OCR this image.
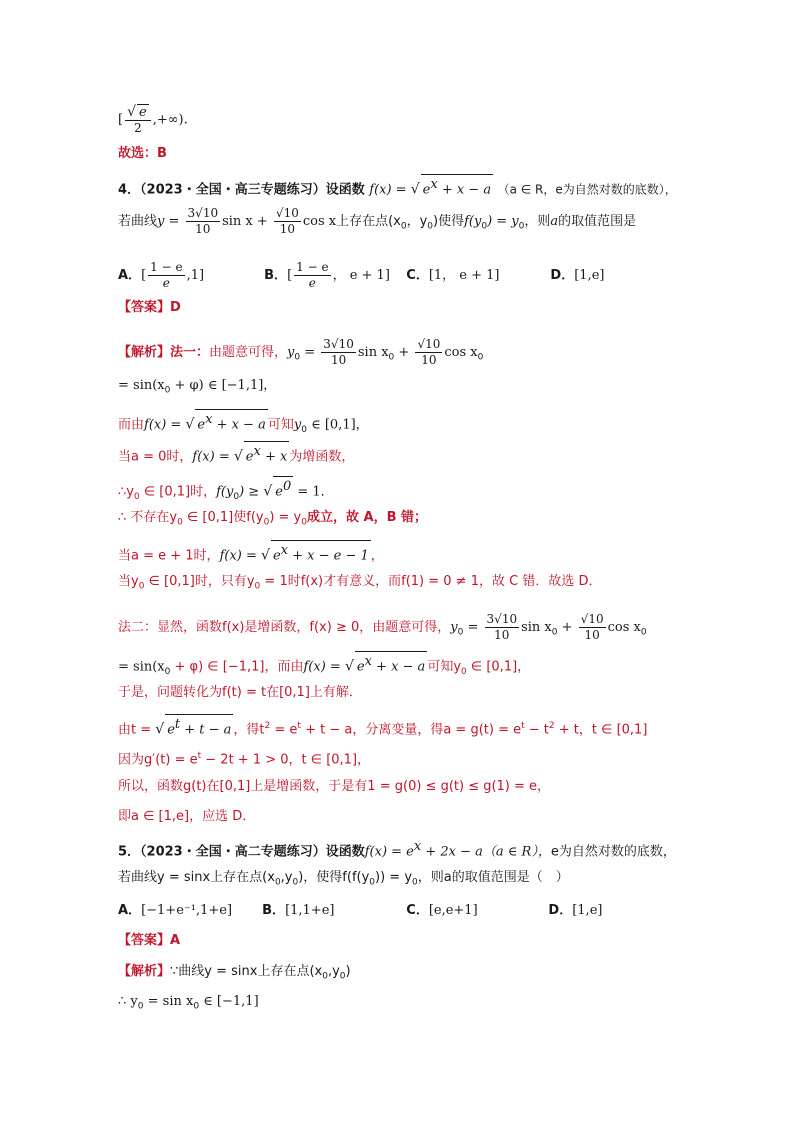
[ $\frac{√ e}{2}$ ,+∞).
故选：B
4．（2023・全国・高三专题练习）设函数 f(x) = √ $e^x + x - a$ （a ∈ R，e为自然对数的底数），
若曲线$y = \frac{3√10}{10}$ $\sin x + \frac{√10}{10}$ cos x上存在点($x_0$，$y_0$)使得$f(y_0) = y_0$，则a的取值范围是
A．[ $\frac{1 - e}{e} ,1$]	B．[ $\frac{1 - e}{e}$ ， e + 1] C．[1， e + 1]	D．[1,e]
【答案】D
【解析】法一：由题意可得，$y_0 = \frac{3√10}{10}$ $\sin x_0 + \frac{√10}{10}$ $\cos x_0$
= $\sin(x_0 + \varphi)$ ∈ [−1,1]，
而由f(x) = √ $e^x + x - a$ 可知$y_0$ ∈ [0,1]，
当a = 0时，f(x) = √ $e^x + x$ 为增函数，
$\therefore y_0$ ∈ [0,1]时，$f(y_0)$ ≥ √ $e^0 = 1$．
∴ 不存在$y_0$ ∈ [0,1]使$f(y_0) = y_0$成立，故 A，B 错；
当a = e + 1时，f(x) = √ $e^x + x - e - 1$ ，
当$y_0$ ∈ [0,1]时，只有$y_0 = 1$时f(x)才有意义，而f(1) = 0 ≠ 1，故 C 错．故选 D．
法二：显然，函数f(x)是增函数，f(x) ≥ 0，由题意可得，$y_0 = \frac{3√10}{10}$ $\sin x_0 + \frac{√10}{10}$ $\cos x_0$
= $\sin(x_0 + \varphi)$ ∈ [−1,1]，而由f(x) = √ $e^x + x - a$ 可知$y_0$ ∈ [0,1]，
于是，问题转化为f(t) = t在[0,1]上有解．
由t = √ $e^t + t - a$ ，得$t^2 = e^t + t - a$，分离变量，得$a = g(t) = e^t - t^2 + t$，t ∈ [0,1]
因为$g'(t) = e^t - 2t + 1 > 0$，t ∈ [0,1]，
所以，函数g(t)在[0,1]上是增函数，于是有1 = g(0) ≤ g(t) ≤ g(1) = e，
即a ∈ [1,e]，应选 D．
5．（2023・全国・高二专题练习）设函数$f(x) = e^x + 2x - a(a$ ∈ R），e为自然对数的底数，
若曲线y = sinx上存在点$(x_0,y_0)$，使得$f(f(y_0)) = y_0$，则a的取值范围是（　）
A．[−1+e⁻¹,1+e] B．[1,1+e]	C．[e,e+1]	D．[1,e]
【答案】A
【解析】∵曲线y = sinx上存在点$(x_0,y_0)$
∴ $y_0 = \sin x_0$ ∈ [−1,1]
